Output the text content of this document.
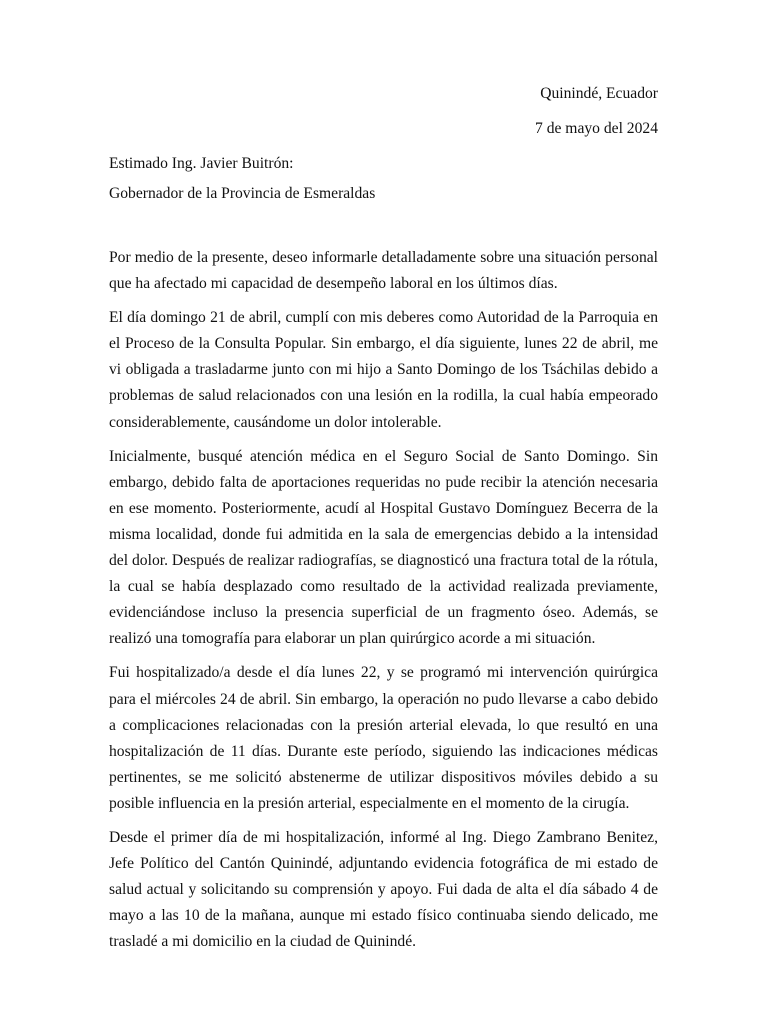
Quinindé, Ecuador
7 de mayo del 2024
Estimado Ing. Javier Buitrón:
Gobernador de la Provincia de Esmeraldas

Por medio de la presente, deseo informarle detalladamente sobre una situación personal que ha afectado mi capacidad de desempeño laboral en los últimos días.

El día domingo 21 de abril, cumplí con mis deberes como Autoridad de la Parroquia en el Proceso de la Consulta Popular. Sin embargo, el día siguiente, lunes 22 de abril, me vi obligada a trasladarme junto con mi hijo a Santo Domingo de los Tsáchilas debido a problemas de salud relacionados con una lesión en la rodilla, la cual había empeorado considerablemente, causándome un dolor intolerable.

Inicialmente, busqué atención médica en el Seguro Social de Santo Domingo. Sin embargo, debido falta de aportaciones requeridas no pude recibir la atención necesaria en ese momento. Posteriormente, acudí al Hospital Gustavo Domínguez Becerra de la misma localidad, donde fui admitida en la sala de emergencias debido a la intensidad del dolor. Después de realizar radiografías, se diagnosticó una fractura total de la rótula, la cual se había desplazado como resultado de la actividad realizada previamente, evidenciándose incluso la presencia superficial de un fragmento óseo. Además, se realizó una tomografía para elaborar un plan quirúrgico acorde a mi situación.

Fui hospitalizado/a desde el día lunes 22, y se programó mi intervención quirúrgica para el miércoles 24 de abril. Sin embargo, la operación no pudo llevarse a cabo debido a complicaciones relacionadas con la presión arterial elevada, lo que resultó en una hospitalización de 11 días. Durante este período, siguiendo las indicaciones médicas pertinentes, se me solicitó abstenerme de utilizar dispositivos móviles debido a su posible influencia en la presión arterial, especialmente en el momento de la cirugía.

Desde el primer día de mi hospitalización, informé al Ing. Diego Zambrano Benitez, Jefe Político del Cantón Quinindé, adjuntando evidencia fotográfica de mi estado de salud actual y solicitando su comprensión y apoyo. Fui dada de alta el día sábado 4 de mayo a las 10 de la mañana, aunque mi estado físico continuaba siendo delicado, me trasladé a mi domicilio en la ciudad de Quinindé.
